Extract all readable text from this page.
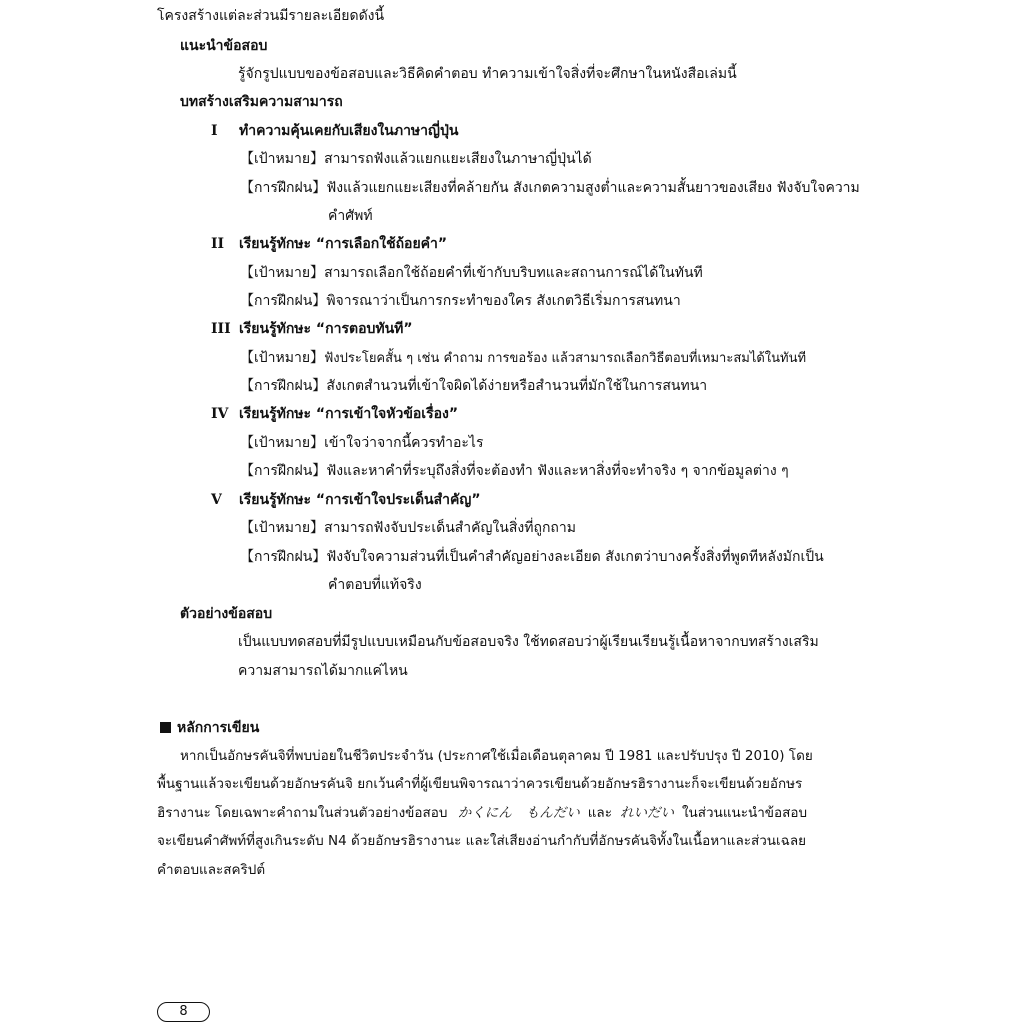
โครงสร้างแต่ละส่วนมีรายละเอียดดังนี้
แนะนำข้อสอบ
รู้จักรูปแบบของข้อสอบและวิธีคิดคำตอบ ทำความเข้าใจสิ่งที่จะศึกษาในหนังสือเล่มนี้
บทสร้างเสริมความสามารถ
I ทำความคุ้นเคยกับเสียงในภาษาญี่ปุ่น
【เป้าหมาย】สามารถฟังแล้วแยกแยะเสียงในภาษาญี่ปุ่นได้
【การฝึกฝน】ฟังแล้วแยกแยะเสียงที่คล้ายกัน สังเกตความสูงต่ำและความสั้นยาวของเสียง ฟังจับใจความ
คำศัพท์
II เรียนรู้ทักษะ “การเลือกใช้ถ้อยคำ”
【เป้าหมาย】สามารถเลือกใช้ถ้อยคำที่เข้ากับบริบทและสถานการณ์ได้ในทันที
【การฝึกฝน】พิจารณาว่าเป็นการกระทำของใคร สังเกตวิธีเริ่มการสนทนา
III เรียนรู้ทักษะ “การตอบทันที”
【เป้าหมาย】ฟังประโยคสั้น ๆ เช่น คำถาม การขอร้อง แล้วสามารถเลือกวิธีตอบที่เหมาะสมได้ในทันที
【การฝึกฝน】สังเกตสำนวนที่เข้าใจผิดได้ง่ายหรือสำนวนที่มักใช้ในการสนทนา
IV เรียนรู้ทักษะ “การเข้าใจหัวข้อเรื่อง”
【เป้าหมาย】เข้าใจว่าจากนี้ควรทำอะไร
【การฝึกฝน】ฟังและหาคำที่ระบุถึงสิ่งที่จะต้องทำ ฟังและหาสิ่งที่จะทำจริง ๆ จากข้อมูลต่าง ๆ
V เรียนรู้ทักษะ “การเข้าใจประเด็นสำคัญ”
【เป้าหมาย】สามารถฟังจับประเด็นสำคัญในสิ่งที่ถูกถาม
【การฝึกฝน】ฟังจับใจความส่วนที่เป็นคำสำคัญอย่างละเอียด สังเกตว่าบางครั้งสิ่งที่พูดทีหลังมักเป็น
คำตอบที่แท้จริง
ตัวอย่างข้อสอบ
เป็นแบบทดสอบที่มีรูปแบบเหมือนกับข้อสอบจริง ใช้ทดสอบว่าผู้เรียนเรียนรู้เนื้อหาจากบทสร้างเสริม
ความสามารถได้มากแค่ไหน
หลักการเขียน
หากเป็นอักษรคันจิที่พบบ่อยในชีวิตประจำวัน (ประกาศใช้เมื่อเดือนตุลาคม ปี 1981 และปรับปรุง ปี 2010) โดย
พื้นฐานแล้วจะเขียนด้วยอักษรคันจิ ยกเว้นคำที่ผู้เขียนพิจารณาว่าควรเขียนด้วยอักษรฮิรางานะก็จะเขียนด้วยอักษร
ฮิรางานะ โดยเฉพาะคำถามในส่วนตัวอย่างข้อสอบ かくにん もんだい และ れいだい ในส่วนแนะนำข้อสอบ
จะเขียนคำศัพท์ที่สูงเกินระดับ N4 ด้วยอักษรฮิรางานะ และใส่เสียงอ่านกำกับที่อักษรคันจิทั้งในเนื้อหาและส่วนเฉลย
คำตอบและสคริปต์
8
